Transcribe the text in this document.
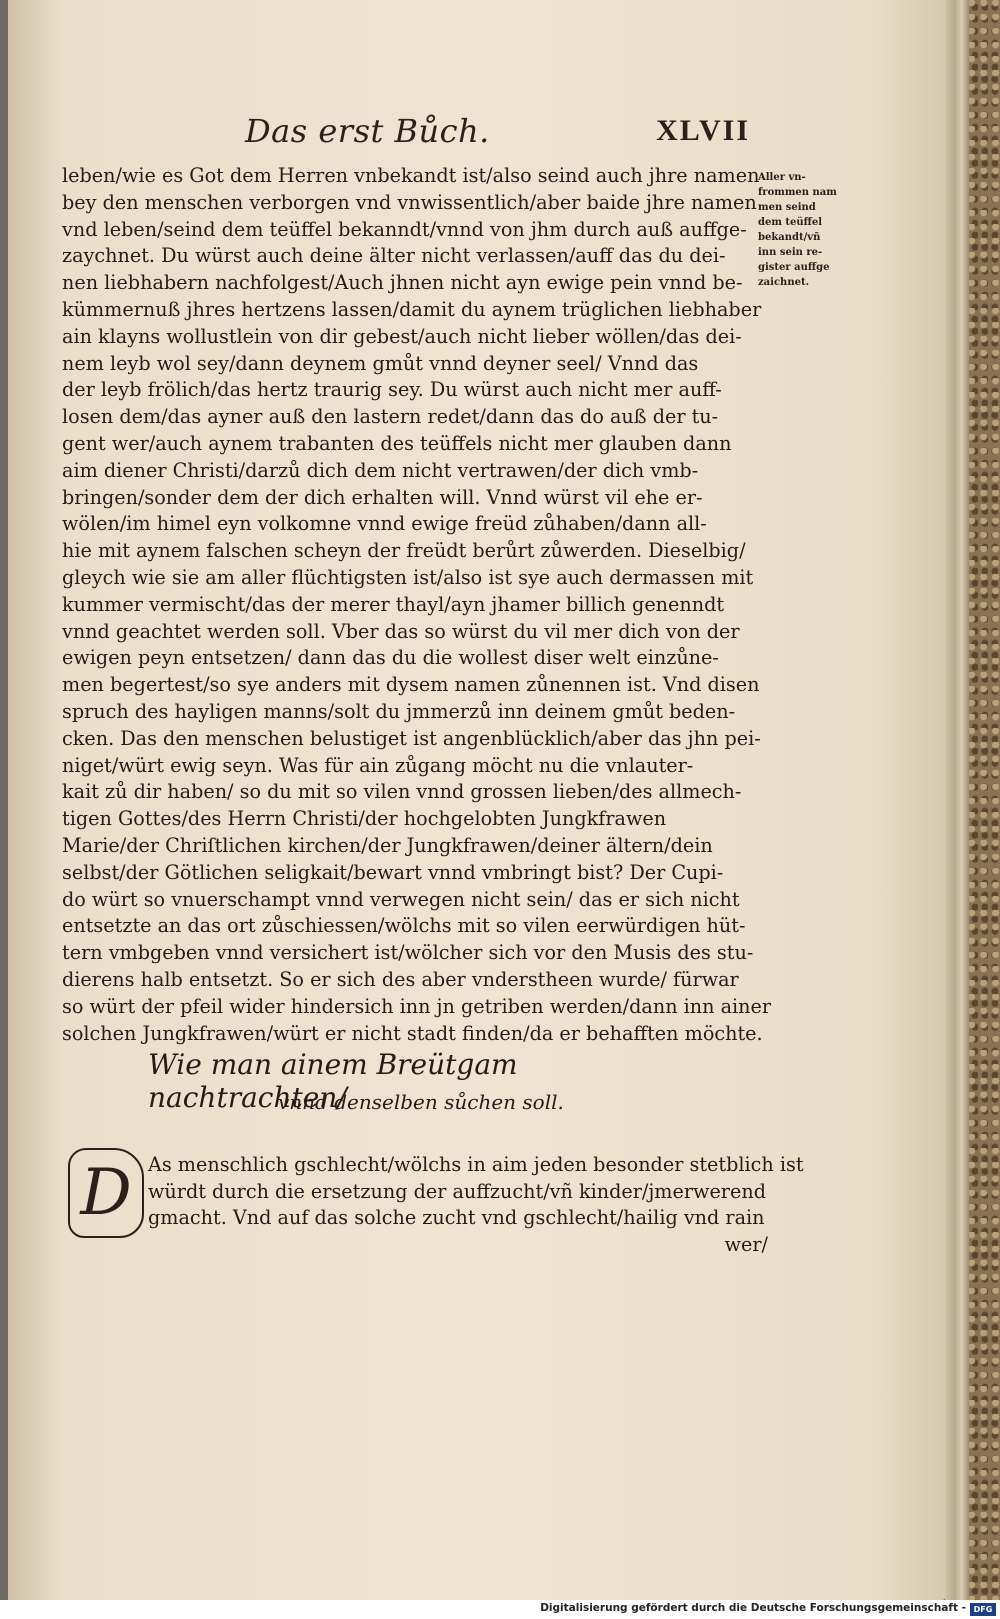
Das erst Bůch.	XLVII
leben/wie es Got dem Herren vnbekandt ist/also seind auch jhre namen
bey den menschen verborgen vnd vnwissentlich/aber baide jhre namen
vnd leben/seind dem teüffel bekanndt/vnnd von jhm durch auß auffge-
zaychnet. Du würst auch deine älter nicht verlassen/auff das du dei-
nen liebhabern nachfolgest/Auch jhnen nicht ayn ewige pein vnnd be-
kümmernuß jhres hertzens lassen/damit du aynem trüglichen liebhaber
ain klayns wollustlein von dir gebest/auch nicht lieber wöllen/das dei-
nem leyb wol sey/dann deynem gmůt vnnd deyner seel/ Vnnd das
der leyb frölich/das hertz traurig sey. Du würst auch nicht mer auff-
losen dem/das ayner auß den lastern redet/dann das do auß der tu-
gent wer/auch aynem trabanten des teüffels nicht mer glauben dann
aim diener Christi/darzů dich dem nicht vertrawen/der dich vmb-
bringen/sonder dem der dich erhalten will. Vnnd würst vil ehe er-
wölen/im himel eyn volkomne vnnd ewige freüd zůhaben/dann all-
hie mit aynem falschen scheyn der freüdt berůrt zůwerden. Dieselbig/
gleych wie sie am aller flüchtigsten ist/also ist sye auch dermassen mit
kummer vermischt/das der merer thayl/ayn jhamer billich genenndt
vnnd geachtet werden soll. Vber das so würst du vil mer dich von der
ewigen peyn entsetzen/ dann das du die wollest diser welt einzůne-
men begertest/so sye anders mit dysem namen zůnennen ist. Vnd disen
spruch des hayligen manns/solt du jmmerzů inn deinem gmůt beden-
cken. Das den menschen belustiget ist angenblücklich/aber das jhn pei-
niget/würt ewig seyn. Was für ain zůgang möcht nu die vnlauter-
kait zů dir haben/ so du mit so vilen vnnd grossen lieben/des allmech-
tigen Gottes/des Herrn Christi/der hochgelobten Jungkfrawen
Marie/der Chriſtlichen kirchen/der Jungkfrawen/deiner ältern/dein
selbst/der Götlichen seligkait/bewart vnnd vmbringt bist? Der Cupi-
do würt so vnuerschampt vnnd verwegen nicht sein/ das er sich nicht
entsetzte an das ort zůschiessen/wölchs mit so vilen eerwürdigen hüt-
tern vmbgeben vnnd versichert ist/wölcher sich vor den Musis des stu-
dierens halb entsetzt. So er sich des aber vnderstheen wurde/ fürwar
so würt der pfeil wider hindersich inn jn getriben werden/dann inn ainer
solchen Jungkfrawen/würt er nicht stadt finden/da er behafften möchte.
Aller vn-
frommen nam
men seind
dem teüffel
bekandt/vñ
inn sein re-
gister auffge
zaichnet.
Wie man ainem Breütgam nachtrachten/
vnnd denselben sůchen soll.
D As menschlich gschlecht/wölchs in aim jeden besonder stetblich ist
würdt durch die ersetzung der auffzucht/vñ kinder/jmerwerend
gmacht. Vnd auf das solche zucht vnd gschlecht/hailig vnd rain
wer/
Digitalisierung gefördert durch die Deutsche Forschungsgemeinschaft - DFG
